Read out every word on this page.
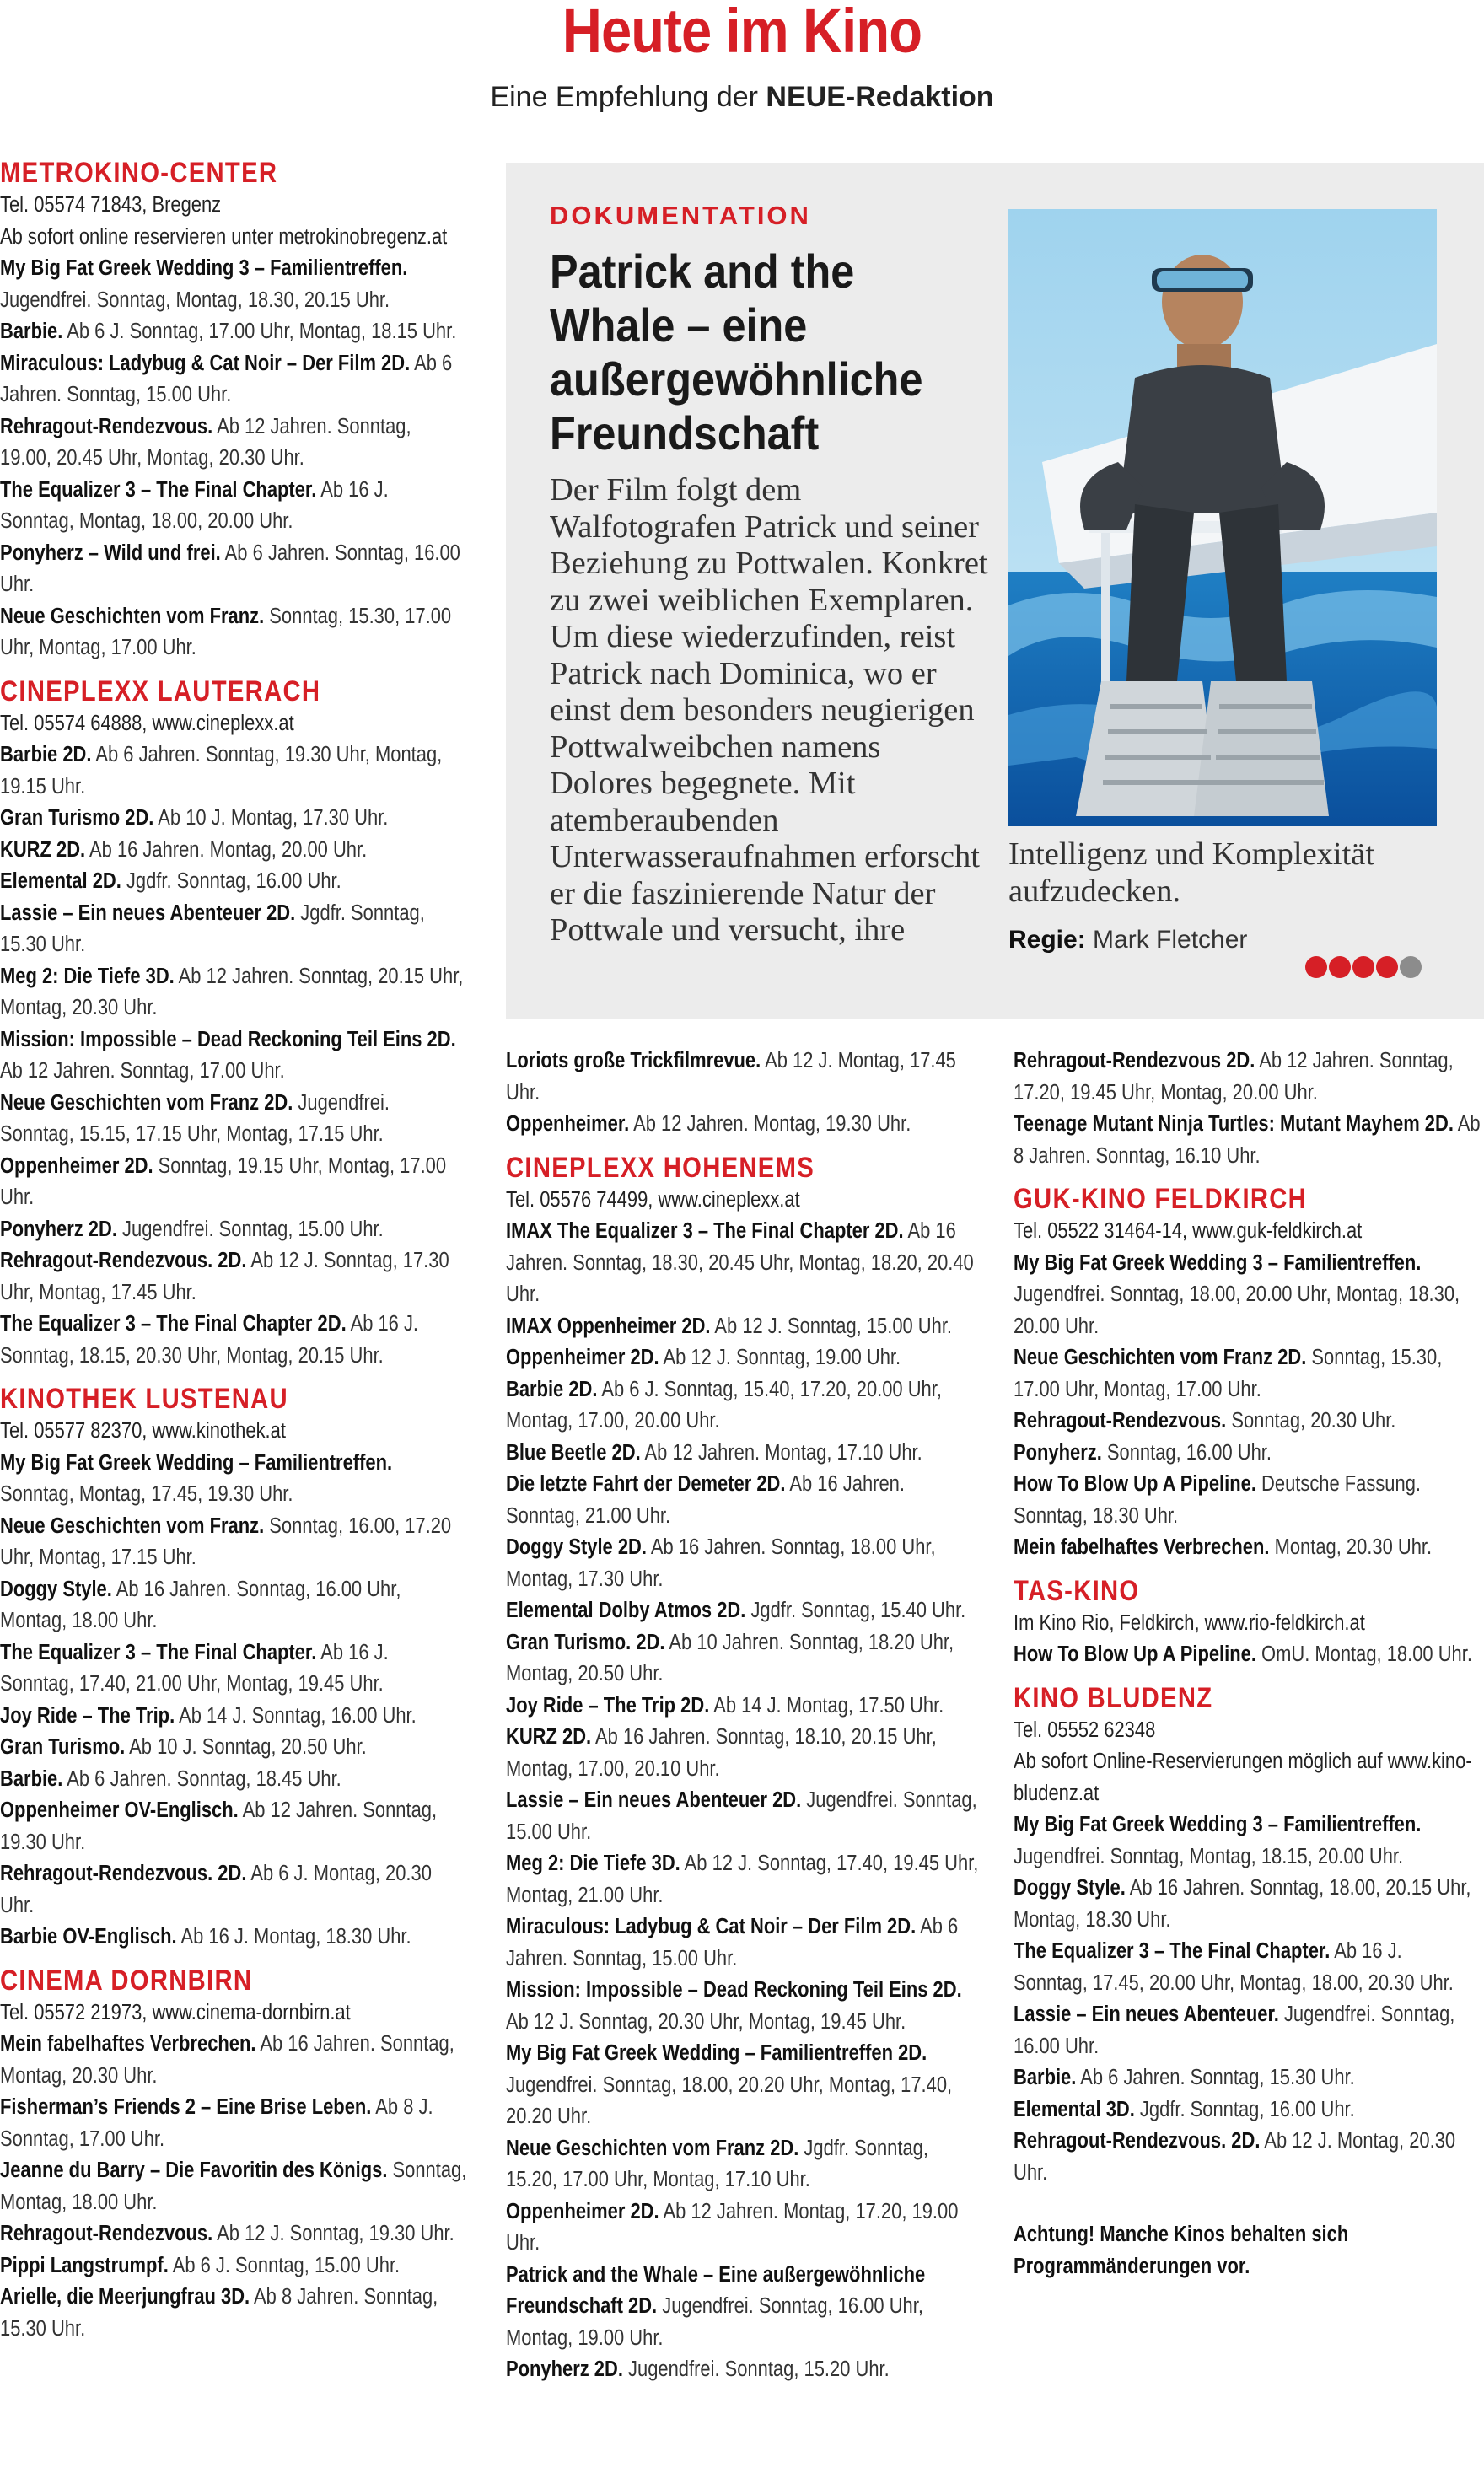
Heute im Kino
Eine Empfehlung der NEUE-Redaktion
METROKINO-CENTER
Tel. 05574 71843, Bregenz
Ab sofort online reservieren unter metrokinobregenz.at

My Big Fat Greek Wedding 3 – Familientreffen. Jugendfrei. Sonntag, Montag, 18.30, 20.15 Uhr.

Barbie. Ab 6 J. Sonntag, 17.00 Uhr, Montag, 18.15 Uhr.

Miraculous: Ladybug & Cat Noir – Der Film 2D. Ab 6 Jahren. Sonntag, 15.00 Uhr.

Rehragout-Rendezvous. Ab 12 Jahren. Sonntag, 19.00, 20.45 Uhr, Montag, 20.30 Uhr.

The Equalizer 3 – The Final Chapter. Ab 16 J. Sonntag, Montag, 18.00, 20.00 Uhr.

Ponyherz – Wild und frei. Ab 6 Jahren. Sonntag, 16.00 Uhr.

Neue Geschichten vom Franz. Sonntag, 15.30, 17.00 Uhr, Montag, 17.00 Uhr.

CINEPLEXX LAUTERACH
Tel. 05574 64888, www.cineplexx.at

Barbie 2D. Ab 6 Jahren. Sonntag, 19.30 Uhr, Montag, 19.15 Uhr.

Gran Turismo 2D. Ab 10 J. Montag, 17.30 Uhr.

KURZ 2D. Ab 16 Jahren. Montag, 20.00 Uhr.

Elemental 2D. Jgdfr. Sonntag, 16.00 Uhr.

Lassie – Ein neues Abenteuer 2D. Jgdfr. Sonntag, 15.30 Uhr.

Meg 2: Die Tiefe 3D. Ab 12 Jahren. Sonntag, 20.15 Uhr, Montag, 20.30 Uhr.

Mission: Impossible – Dead Reckoning Teil Eins 2D. Ab 12 Jahren. Sonntag, 17.00 Uhr.

Neue Geschichten vom Franz 2D. Jugendfrei. Sonntag, 15.15, 17.15 Uhr, Montag, 17.15 Uhr.

Oppenheimer 2D. Sonntag, 19.15 Uhr, Montag, 17.00 Uhr.

Ponyherz 2D. Jugendfrei. Sonntag, 15.00 Uhr.

Rehragout-Rendezvous. 2D. Ab 12 J. Sonntag, 17.30 Uhr, Montag, 17.45 Uhr.

The Equalizer 3 – The Final Chapter 2D. Ab 16 J. Sonntag, 18.15, 20.30 Uhr, Montag, 20.15 Uhr.

KINOTHEK LUSTENAU
Tel. 05577 82370, www.kinothek.at

My Big Fat Greek Wedding – Familientreffen. Sonntag, Montag, 17.45, 19.30 Uhr.

Neue Geschichten vom Franz. Sonntag, 16.00, 17.20 Uhr, Montag, 17.15 Uhr.

Doggy Style. Ab 16 Jahren. Sonntag, 16.00 Uhr, Montag, 18.00 Uhr.

The Equalizer 3 – The Final Chapter. Ab 16 J. Sonntag, 17.40, 21.00 Uhr, Montag, 19.45 Uhr.

Joy Ride – The Trip. Ab 14 J. Sonntag, 16.00 Uhr.

Gran Turismo. Ab 10 J. Sonntag, 20.50 Uhr.

Barbie. Ab 6 Jahren. Sonntag, 18.45 Uhr.

Oppenheimer OV-Englisch. Ab 12 Jahren. Sonntag, 19.30 Uhr.

Rehragout-Rendezvous. 2D. Ab 6 J. Montag, 20.30 Uhr.

Barbie OV-Englisch. Ab 16 J. Montag, 18.30 Uhr.

CINEMA DORNBIRN
Tel. 05572 21973, www.cinema-dornbirn.at

Mein fabelhaftes Verbrechen. Ab 16 Jahren. Sonntag, Montag, 20.30 Uhr.

Fisherman’s Friends 2 – Eine Brise Leben. Ab 8 J. Sonntag, 17.00 Uhr.

Jeanne du Barry – Die Favoritin des Königs. Sonntag, Montag, 18.00 Uhr.

Rehragout-Rendezvous. Ab 12 J. Sonntag, 19.30 Uhr.

Pippi Langstrumpf. Ab 6 J. Sonntag, 15.00 Uhr.

Arielle, die Meerjungfrau 3D. Ab 8 Jahren. Sonntag, 15.30 Uhr.

DOKUMENTATION
Patrick and the Whale – eine außergewöhnliche Freundschaft
Der Film folgt dem Walfotografen Patrick und seiner Beziehung zu Pottwalen. Konkret zu zwei weiblichen Exemplaren. Um diese wiederzufinden, reist Patrick nach Dominica, wo er einst dem besonders neugierigen Pottwalweibchen namens Dolores begegnete. Mit atemberaubenden Unterwasseraufnahmen erforscht er die faszinierende Natur der Pottwale und versucht, ihre
Intelligenz und Komplexität aufzudecken.
Regie: Mark Fletcher

Loriots große Trickfilmrevue. Ab 12 J. Montag, 17.45 Uhr.

Oppenheimer. Ab 12 Jahren. Montag, 19.30 Uhr.

CINEPLEXX HOHENEMS
Tel. 05576 74499, www.cineplexx.at

IMAX The Equalizer 3 – The Final Chapter 2D. Ab 16 Jahren. Sonntag, 18.30, 20.45 Uhr, Montag, 18.20, 20.40 Uhr.

IMAX Oppenheimer 2D. Ab 12 J. Sonntag, 15.00 Uhr.

Oppenheimer 2D. Ab 12 J. Sonntag, 19.00 Uhr.

Barbie 2D. Ab 6 J. Sonntag, 15.40, 17.20, 20.00 Uhr, Montag, 17.00, 20.00 Uhr.

Blue Beetle 2D. Ab 12 Jahren. Montag, 17.10 Uhr.

Die letzte Fahrt der Demeter 2D. Ab 16 Jahren. Sonntag, 21.00 Uhr.

Doggy Style 2D. Ab 16 Jahren. Sonntag, 18.00 Uhr, Montag, 17.30 Uhr.

Elemental Dolby Atmos 2D. Jgdfr. Sonntag, 15.40 Uhr.

Gran Turismo. 2D. Ab 10 Jahren. Sonntag, 18.20 Uhr, Montag, 20.50 Uhr.

Joy Ride – The Trip 2D. Ab 14 J. Montag, 17.50 Uhr.

KURZ 2D. Ab 16 Jahren. Sonntag, 18.10, 20.15 Uhr, Montag, 17.00, 20.10 Uhr.

Lassie – Ein neues Abenteuer 2D. Jugendfrei. Sonntag, 15.00 Uhr.

Meg 2: Die Tiefe 3D. Ab 12 J. Sonntag, 17.40, 19.45 Uhr, Montag, 21.00 Uhr.

Miraculous: Ladybug & Cat Noir – Der Film 2D. Ab 6 Jahren. Sonntag, 15.00 Uhr.

Mission: Impossible – Dead Reckoning Teil Eins 2D. Ab 12 J. Sonntag, 20.30 Uhr, Montag, 19.45 Uhr.

My Big Fat Greek Wedding – Familientreffen 2D. Jugendfrei. Sonntag, 18.00, 20.20 Uhr, Montag, 17.40, 20.20 Uhr.

Neue Geschichten vom Franz 2D. Jgdfr. Sonntag, 15.20, 17.00 Uhr, Montag, 17.10 Uhr.

Oppenheimer 2D. Ab 12 Jahren. Montag, 17.20, 19.00 Uhr.

Patrick and the Whale – Eine außergewöhnliche Freundschaft 2D. Jugendfrei. Sonntag, 16.00 Uhr, Montag, 19.00 Uhr.

Ponyherz 2D. Jugendfrei. Sonntag, 15.20 Uhr.

Rehragout-Rendezvous 2D. Ab 12 Jahren. Sonntag, 17.20, 19.45 Uhr, Montag, 20.00 Uhr.

Teenage Mutant Ninja Turtles: Mutant Mayhem 2D. Ab 8 Jahren. Sonntag, 16.10 Uhr.

GUK-KINO FELDKIRCH
Tel. 05522 31464-14, www.guk-feldkirch.at

My Big Fat Greek Wedding 3 – Familientreffen. Jugendfrei. Sonntag, 18.00, 20.00 Uhr, Montag, 18.30, 20.00 Uhr.

Neue Geschichten vom Franz 2D. Sonntag, 15.30, 17.00 Uhr, Montag, 17.00 Uhr.

Rehragout-Rendezvous. Sonntag, 20.30 Uhr.

Ponyherz. Sonntag, 16.00 Uhr.

How To Blow Up A Pipeline. Deutsche Fassung. Sonntag, 18.30 Uhr.

Mein fabelhaftes Verbrechen. Montag, 20.30 Uhr.

TAS-KINO
Im Kino Rio, Feldkirch, www.rio-feldkirch.at

How To Blow Up A Pipeline. OmU. Montag, 18.00 Uhr.

KINO BLUDENZ
Tel. 05552 62348
Ab sofort Online-Reservierungen möglich auf www.kino-bludenz.at

My Big Fat Greek Wedding 3 – Familientreffen. Jugendfrei. Sonntag, Montag, 18.15, 20.00 Uhr.

Doggy Style. Ab 16 Jahren. Sonntag, 18.00, 20.15 Uhr, Montag, 18.30 Uhr.

The Equalizer 3 – The Final Chapter. Ab 16 J. Sonntag, 17.45, 20.00 Uhr, Montag, 18.00, 20.30 Uhr.

Lassie – Ein neues Abenteuer. Jugendfrei. Sonntag, 16.00 Uhr.

Barbie. Ab 6 Jahren. Sonntag, 15.30 Uhr.

Elemental 3D. Jgdfr. Sonntag, 16.00 Uhr.

Rehragout-Rendezvous. 2D. Ab 12 J. Montag, 20.30 Uhr.

Achtung! Manche Kinos behalten sich Programmänderungen vor.
